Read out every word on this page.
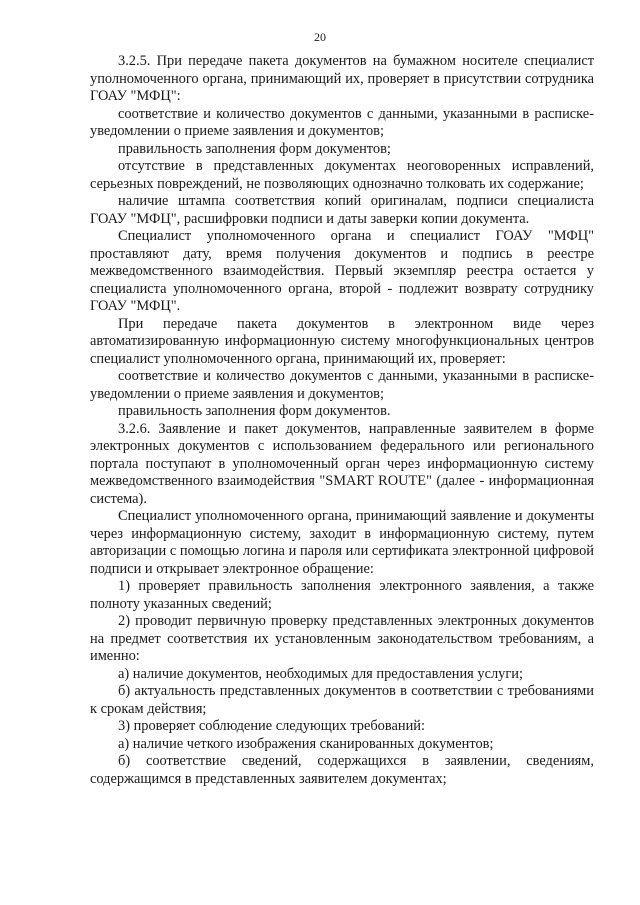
20

3.2.5. При передаче пакета документов на бумажном носителе специалист уполномоченного органа, принимающий их, проверяет в присутствии сотрудника ГОАУ "МФЦ":

соответствие и количество документов с данными, указанными в расписке-уведомлении о приеме заявления и документов;

правильность заполнения форм документов;

отсутствие в представленных документах неоговоренных исправлений, серьезных повреждений, не позволяющих однозначно толковать их содержание;

наличие штампа соответствия копий оригиналам, подписи специалиста ГОАУ "МФЦ", расшифровки подписи и даты заверки копии документа.

Специалист уполномоченного органа и специалист ГОАУ "МФЦ" проставляют дату, время получения документов и подпись в реестре межведомственного взаимодействия. Первый экземпляр реестра остается у специалиста уполномоченного органа, второй - подлежит возврату сотруднику ГОАУ "МФЦ".

При передаче пакета документов в электронном виде через автоматизированную информационную систему многофункциональных центров специалист уполномоченного органа, принимающий их, проверяет:

соответствие и количество документов с данными, указанными в расписке-уведомлении о приеме заявления и документов;

правильность заполнения форм документов.

3.2.6. Заявление и пакет документов, направленные заявителем в форме электронных документов с использованием федерального или регионального портала поступают в уполномоченный орган через информационную систему межведомственного взаимодействия "SMART ROUTE" (далее - информационная система).

Специалист уполномоченного органа, принимающий заявление и документы через информационную систему, заходит в информационную систему, путем авторизации с помощью логина и пароля или сертификата электронной цифровой подписи и открывает электронное обращение:

1) проверяет правильность заполнения электронного заявления, а также полноту указанных сведений;

2) проводит первичную проверку представленных электронных документов на предмет соответствия их установленным законодательством требованиям, а именно:

а) наличие документов, необходимых для предоставления услуги;

б) актуальность представленных документов в соответствии с требованиями к срокам действия;

3) проверяет соблюдение следующих требований:

а) наличие четкого изображения сканированных документов;

б) соответствие сведений, содержащихся в заявлении, сведениям, содержащимся в представленных заявителем документах;
